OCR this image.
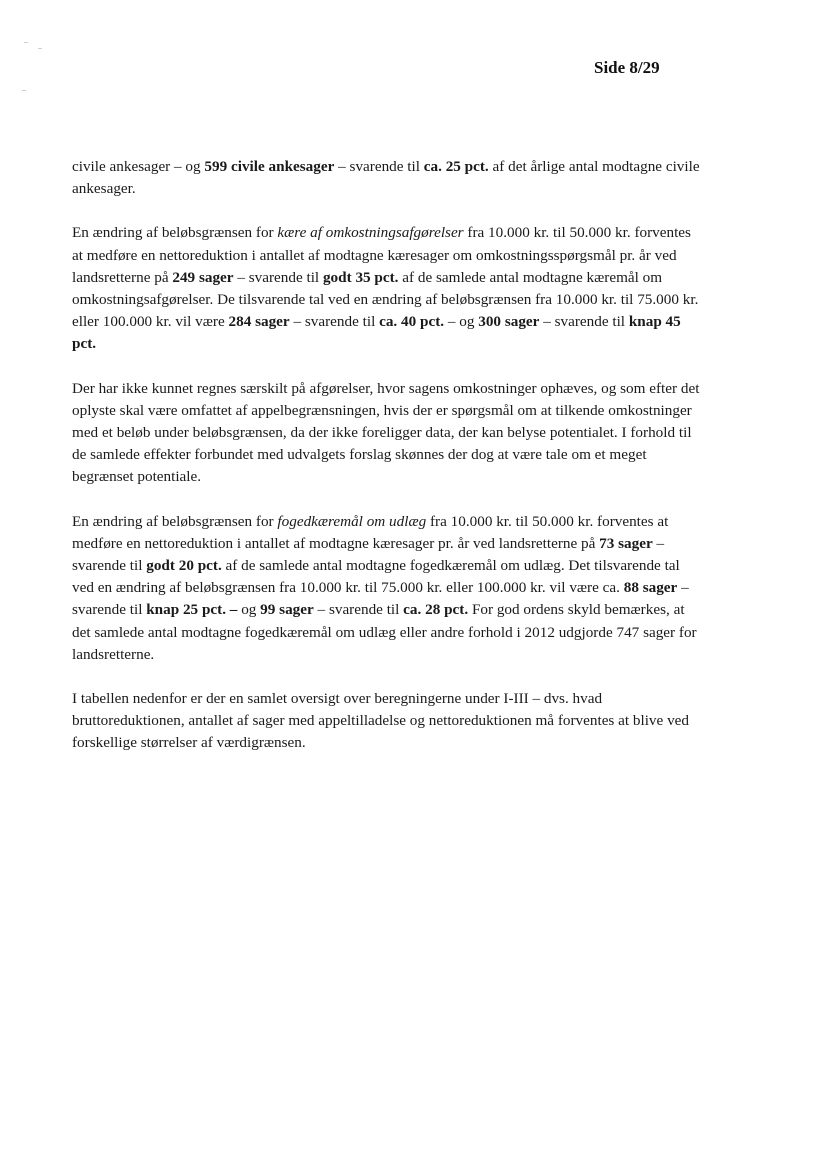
Side 8/29

civile ankesager – og 599 civile ankesager – svarende til ca. 25 pct. af det årlige antal modtagne civile ankesager.

En ændring af beløbsgrænsen for kære af omkostningsafgørelser fra 10.000 kr. til 50.000 kr. forventes at medføre en nettoreduktion i antallet af modtagne kæresager om omkostningsspørgsmål pr. år ved landsretterne på 249 sager – svarende til godt 35 pct. af de samlede antal modtagne kæremål om omkostningsafgørelser. De tilsvarende tal ved en ændring af beløbsgrænsen fra 10.000 kr. til 75.000 kr. eller 100.000 kr. vil være 284 sager – svarende til ca. 40 pct. – og 300 sager – svarende til knap 45 pct.

Der har ikke kunnet regnes særskilt på afgørelser, hvor sagens omkostninger ophæves, og som efter det oplyste skal være omfattet af appelbegrænsningen, hvis der er spørgsmål om at tilkende omkostninger med et beløb under beløbsgrænsen, da der ikke foreligger data, der kan belyse potentialet. I forhold til de samlede effekter forbundet med udvalgets forslag skønnes der dog at være tale om et meget begrænset potentiale.

En ændring af beløbsgrænsen for fogedkæremål om udlæg fra 10.000 kr. til 50.000 kr. forventes at medføre en nettoreduktion i antallet af modtagne kæresager pr. år ved landsretterne på 73 sager – svarende til godt 20 pct. af de samlede antal modtagne fogedkæremål om udlæg. Det tilsvarende tal ved en ændring af beløbsgrænsen fra 10.000 kr. til 75.000 kr. eller 100.000 kr. vil være ca. 88 sager – svarende til knap 25 pct. – og 99 sager – svarende til ca. 28 pct. For god ordens skyld bemærkes, at det samlede antal modtagne fogedkæremål om udlæg eller andre forhold i 2012 udgjorde 747 sager for landsretterne.

I tabellen nedenfor er der en samlet oversigt over beregningerne under I-III – dvs. hvad bruttoreduktionen, antallet af sager med appeltilladelse og nettoreduktionen må forventes at blive ved forskellige størrelser af værdigrænsen.
